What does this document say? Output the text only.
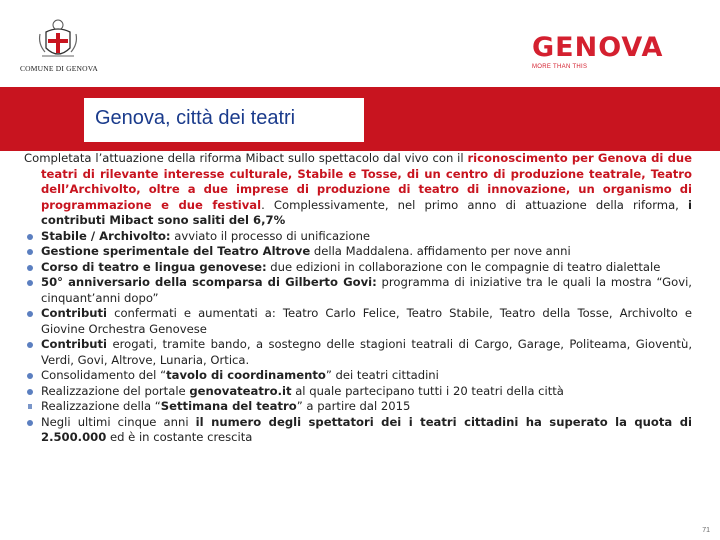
COMUNE DI GENOVA
GENOVA
MORE THAN THIS
Genova, città dei teatri
Completata l’attuazione della riforma Mibact sullo spettacolo dal vivo con il riconoscimento per Genova di due teatri di rilevante interesse culturale, Stabile e Tosse, di un centro di produzione teatrale, Teatro dell’Archivolto, oltre a due imprese di produzione di teatro di innovazione, un organismo di programmazione e due festival. Complessivamente, nel primo anno di attuazione della riforma, i contributi Mibact sono saliti del 6,7%
Stabile / Archivolto: avviato il processo di unificazione
Gestione sperimentale del Teatro Altrove della Maddalena. affidamento per nove anni
Corso di teatro e lingua genovese: due edizioni in collaborazione con le compagnie di teatro dialettale
50° anniversario della scomparsa di Gilberto Govi: programma di iniziative tra le quali la mostra “Govi, cinquant’anni dopo”
Contributi confermati e aumentati a: Teatro Carlo Felice, Teatro Stabile, Teatro della Tosse, Archivolto e Giovine Orchestra Genovese
Contributi erogati, tramite bando, a sostegno delle stagioni teatrali di Cargo, Garage, Politeama, Gioventù, Verdi, Govi, Altrove, Lunaria, Ortica.
Consolidamento del “tavolo di coordinamento” dei teatri cittadini
Realizzazione del portale genovateatro.it al quale partecipano tutti i 20 teatri della città
Realizzazione della “Settimana del teatro” a partire dal 2015
Negli ultimi cinque anni il numero degli spettatori dei i teatri cittadini ha superato la quota di 2.500.000 ed è in costante crescita
71
